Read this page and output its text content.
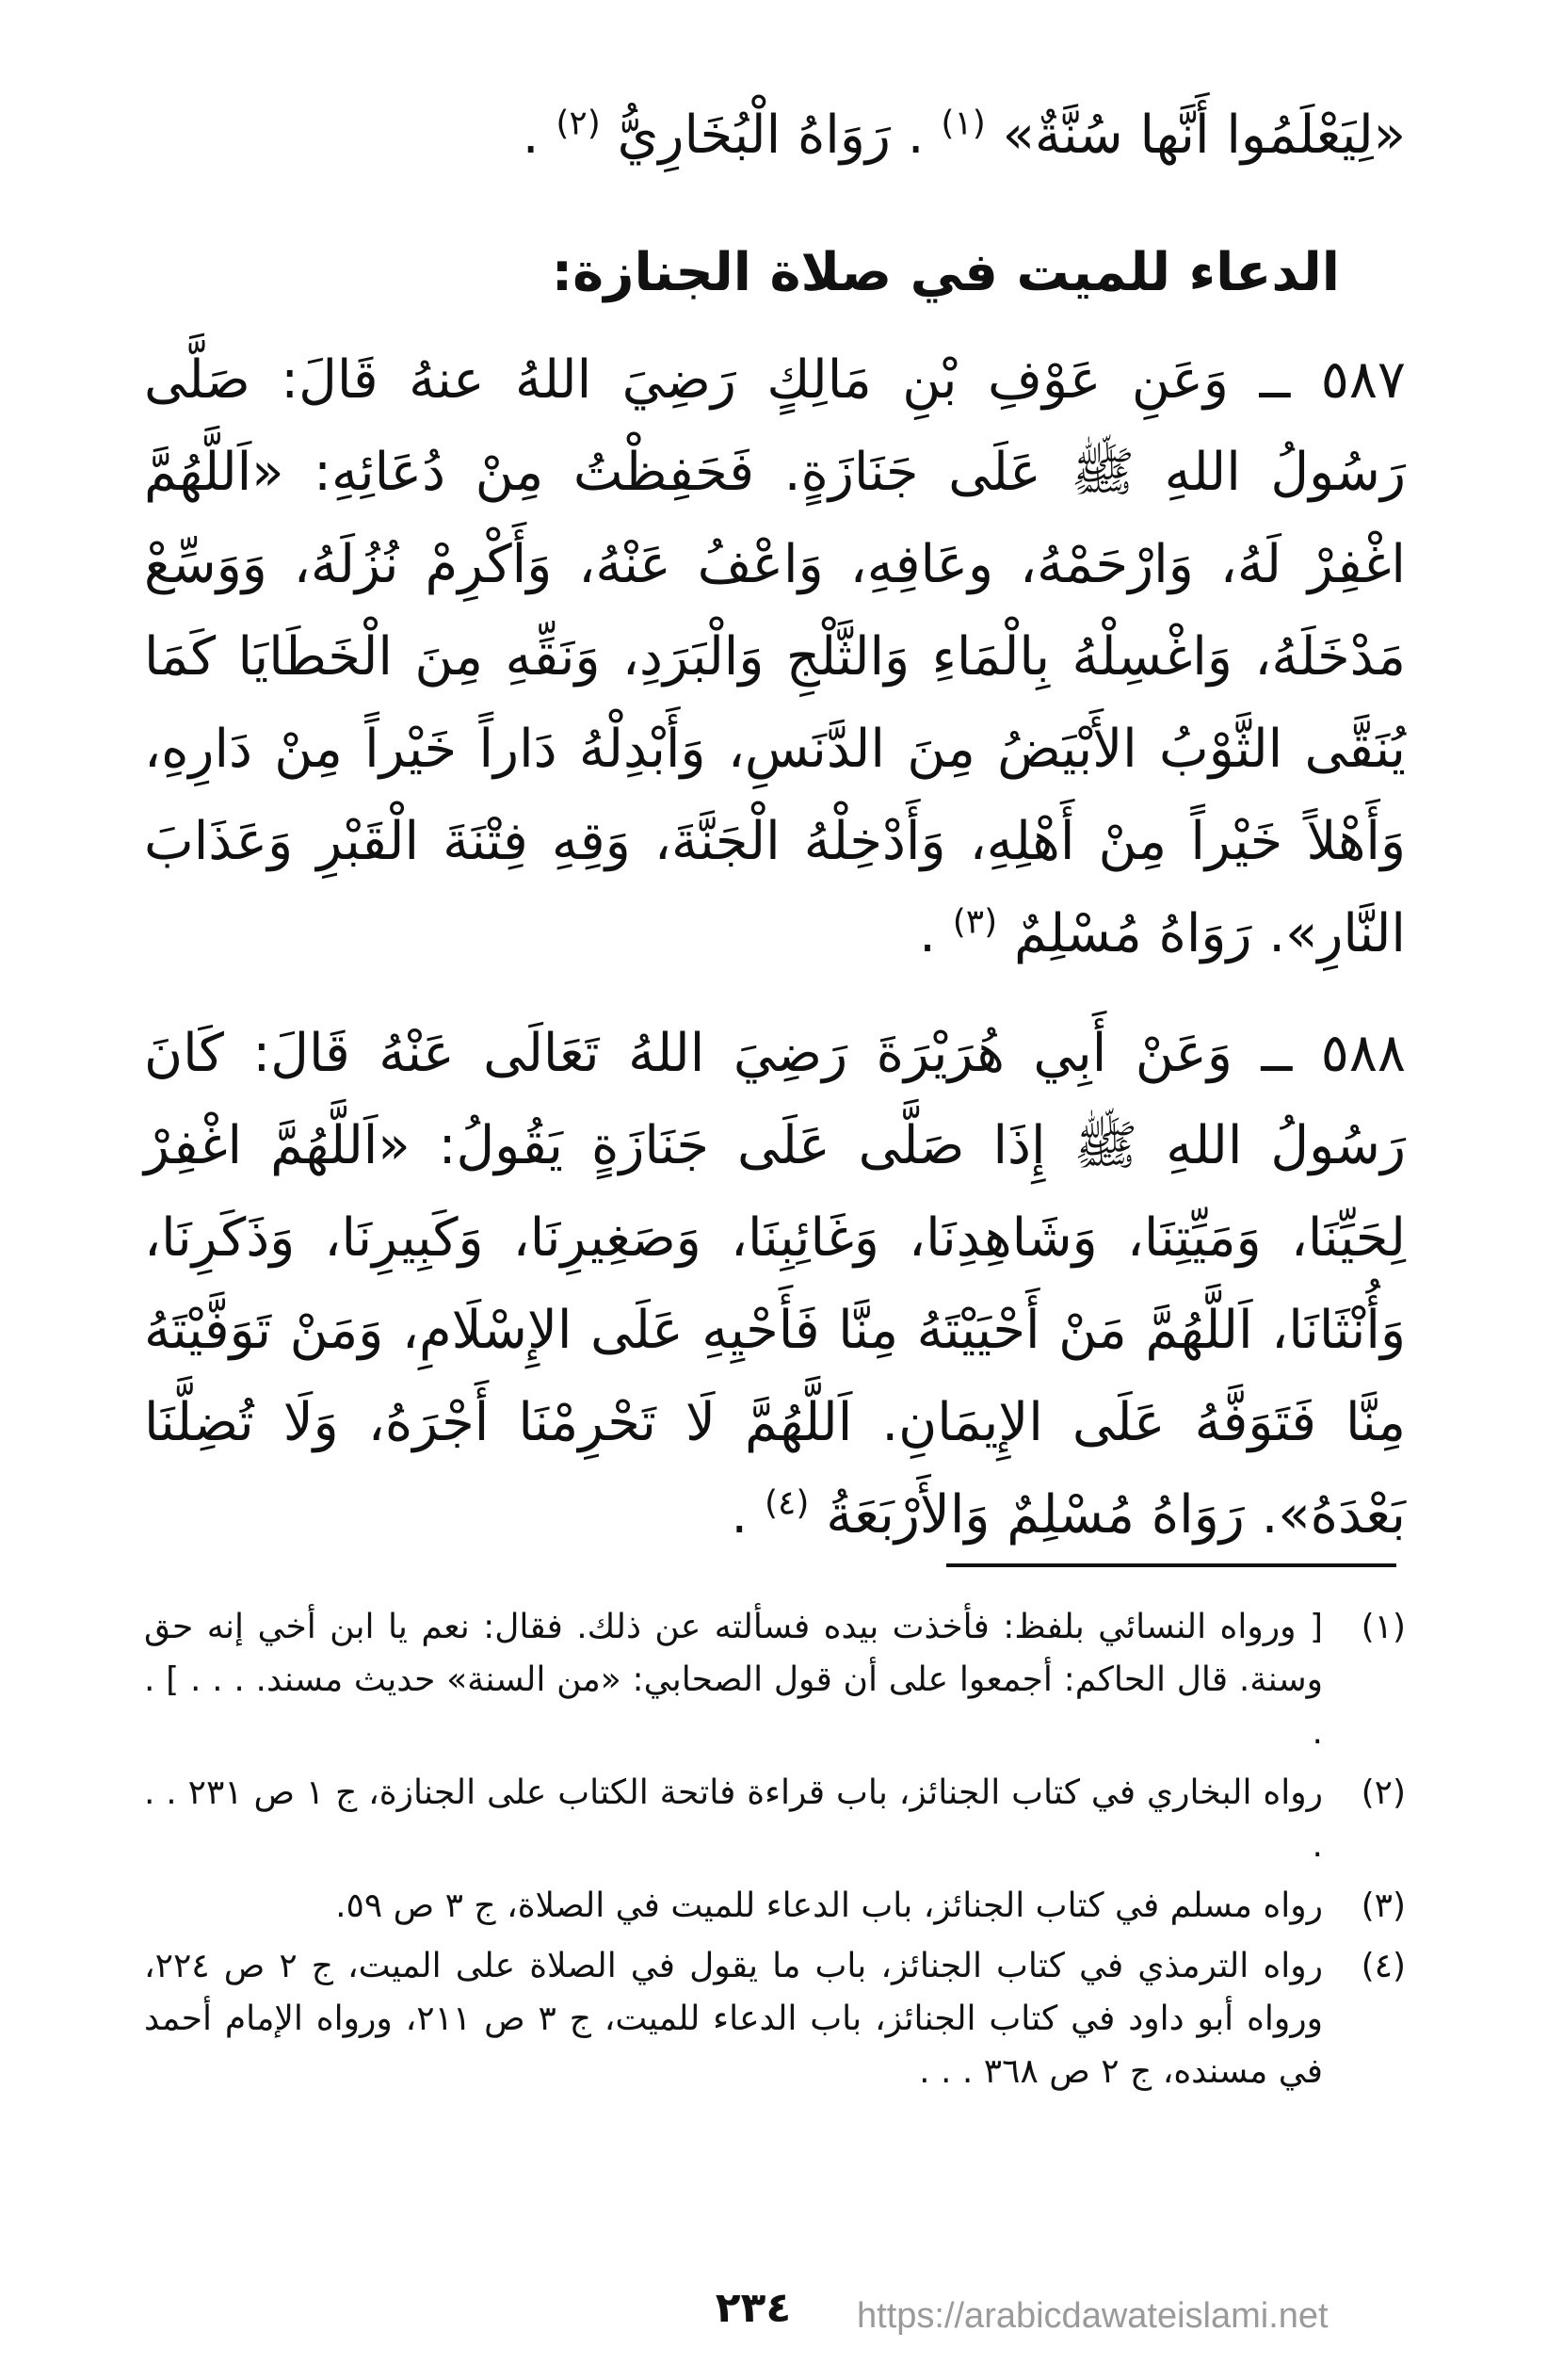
«لِيَعْلَمُوا أَنَّها سُنَّةٌ» $^{(١)}$ . رَوَاهُ الْبُخَارِيُّ $^{(٢)}$ .
الدعاء للميت في صلاة الجنازة:

٥٨٧ ــ وَعَنِ عَوْفِ بْنِ مَالِكٍ رَضِيَ اللهُ عنهُ قَالَ: صَلَّى رَسُولُ اللهِ ﷺ عَلَى جَنَازَةٍ. فَحَفِظْتُ مِنْ دُعَائِهِ: «اَللَّهُمَّ اغْفِرْ لَهُ، وَارْحَمْهُ، وعَافِهِ، وَاعْفُ عَنْهُ، وَأَكْرِمْ نُزُلَهُ، وَوَسِّعْ مَدْخَلَهُ، وَاغْسِلْهُ بِالْمَاءِ وَالثَّلْجِ وَالْبَرَدِ، وَنَقِّهِ مِنَ الْخَطَايَا كَمَا يُنَقَّى الثَّوْبُ الأَبْيَضُ مِنَ الدَّنَسِ، وَأَبْدِلْهُ دَاراً خَيْراً مِنْ دَارِهِ، وَأَهْلاً خَيْراً مِنْ أَهْلِهِ، وَأَدْخِلْهُ الْجَنَّةَ، وَقِهِ فِتْنَةَ الْقَبْرِ وَعَذَابَ النَّارِ». رَوَاهُ مُسْلِمٌ $^{(٣)}$ .

٥٨٨ ــ وَعَنْ أَبِي هُرَيْرَةَ رَضِيَ اللهُ تَعَالَى عَنْهُ قَالَ: كَانَ رَسُولُ اللهِ ﷺ إِذَا صَلَّى عَلَى جَنَازَةٍ يَقُولُ: «اَللَّهُمَّ اغْفِرْ لِحَيِّنَا، وَمَيِّتِنَا، وَشَاهِدِنَا، وَغَائِبِنَا، وَصَغِيرِنَا، وَكَبِيرِنَا، وَذَكَرِنَا، وَأُنْثَانَا، اَللَّهُمَّ مَنْ أَحْيَيْتَهُ مِنَّا فَأَحْيِهِ عَلَى الإِسْلَامِ، وَمَنْ تَوَفَّيْتَهُ مِنَّا فَتَوَفَّهُ عَلَى الإِيمَانِ. اَللَّهُمَّ لَا تَحْرِمْنَا أَجْرَهُ، وَلَا تُضِلَّنَا بَعْدَهُ». رَوَاهُ مُسْلِمٌ وَالأَرْبَعَةُ $^{(٤)}$ .

(١)
[ ورواه النسائي بلفظ: فأخذت بيده فسألته عن ذلك. فقال: نعم يا ابن أخي إنه حق وسنة. قال الحاكم: أجمعوا على أن قول الصحابي: «من السنة» حديث مسند. . . . ] . .
(٢)
رواه البخاري في كتاب الجنائز، باب قراءة فاتحة الكتاب على الجنازة، ج ١ ص ٢٣١ . . .
(٣)
رواه مسلم في كتاب الجنائز، باب الدعاء للميت في الصلاة، ج ٣ ص ٥٩.
(٤)
رواه الترمذي في كتاب الجنائز، باب ما يقول في الصلاة على الميت، ج ٢ ص ٢٢٤، ورواه أبو داود في كتاب الجنائز، باب الدعاء للميت، ج ٣ ص ٢١١، ورواه الإمام أحمد في مسنده، ج ٢ ص ٣٦٨ . . .
٢٣٤	https://arabicdawateislami.net
